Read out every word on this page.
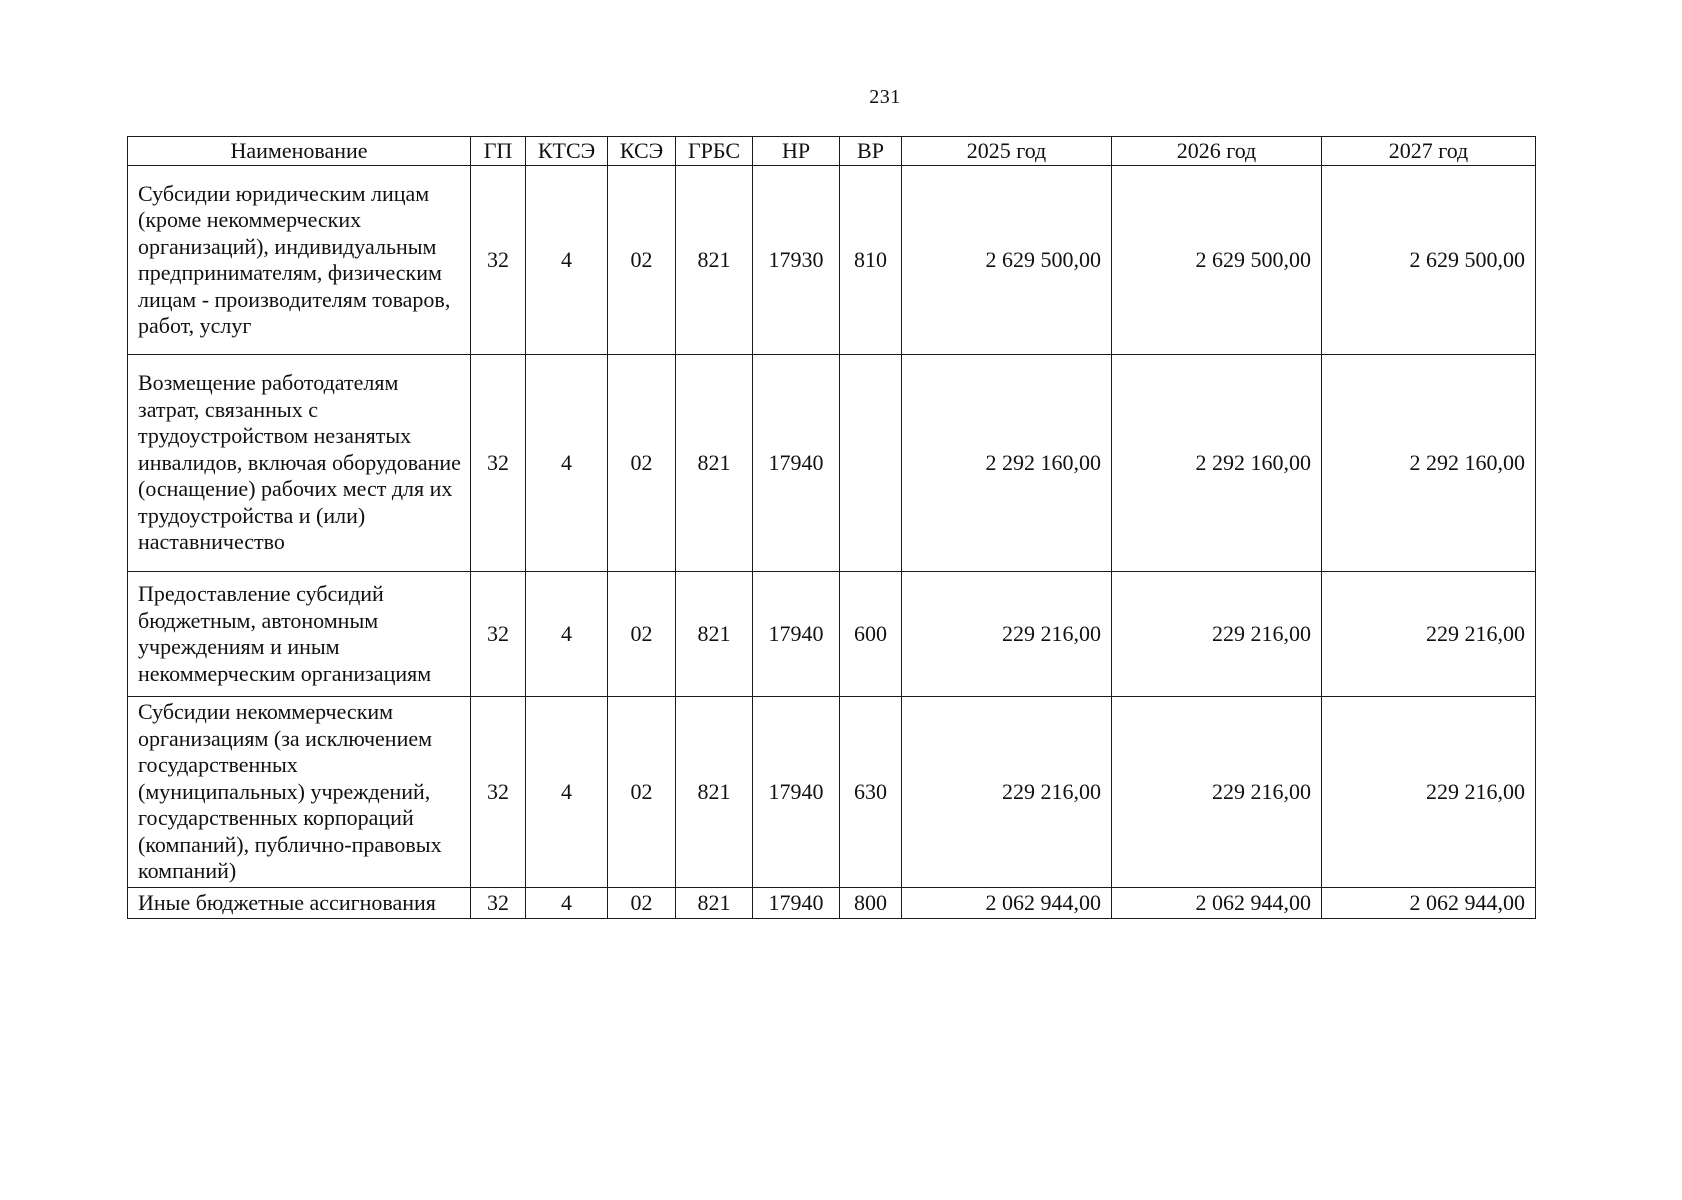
231
Наименование	ГП	КТСЭ	КСЭ	ГРБС	НР	ВР	2025 год	2026 год	2027 год
Субсидии юридическим лицам (кроме некоммерческих организаций), индивидуальным предпринимателям, физическим лицам - производителям товаров, работ, услуг	32	4	02	821	17930	810	2 629 500,00	2 629 500,00	2 629 500,00
Возмещение работодателям затрат, связанных с трудоустройством незанятых инвалидов, включая оборудование (оснащение) рабочих мест для их трудоустройства и (или) наставничество	32	4	02	821	17940		2 292 160,00	2 292 160,00	2 292 160,00
Предоставление субсидий бюджетным, автономным учреждениям и иным некоммерческим организациям	32	4	02	821	17940	600	229 216,00	229 216,00	229 216,00
Субсидии некоммерческим организациям (за исключением государственных (муниципальных) учреждений, государственных корпораций (компаний), публично-правовых компаний)	32	4	02	821	17940	630	229 216,00	229 216,00	229 216,00
Иные бюджетные ассигнования	32	4	02	821	17940	800	2 062 944,00	2 062 944,00	2 062 944,00
